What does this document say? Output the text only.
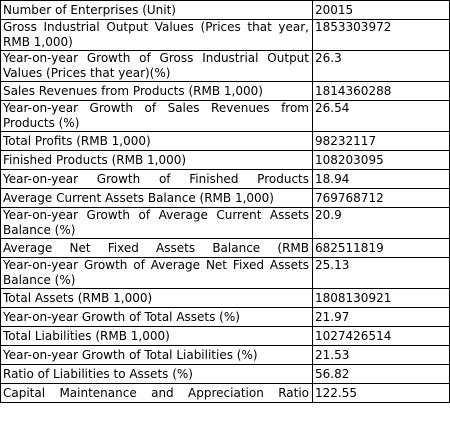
Number of Enterprises (Unit)	20015
Gross Industrial Output Values (Prices that year, RMB 1,000)	1853303972
Year-on-year Growth of Gross Industrial Output Values (Prices that year)(%)	26.3
Sales Revenues from Products (RMB 1,000)	1814360288
Year-on-year Growth of Sales Revenues from Products (%)	26.54
Total Profits (RMB 1,000)	98232117
Finished Products (RMB 1,000)	108203095
Year-on-year Growth of Finished Products	18.94
Average Current Assets Balance (RMB 1,000)	769768712
Year-on-year Growth of Average Current Assets Balance (%)	20.9
Average Net Fixed Assets Balance (RMB	682511819
Year-on-year Growth of Average Net Fixed Assets Balance (%)	25.13
Total Assets (RMB 1,000)	1808130921
Year-on-year Growth of Total Assets (%)	21.97
Total Liabilities (RMB 1,000)	1027426514
Year-on-year Growth of Total Liabilities (%)	21.53
Ratio of Liabilities to Assets (%)	56.82
Capital Maintenance and Appreciation Ratio	122.55
